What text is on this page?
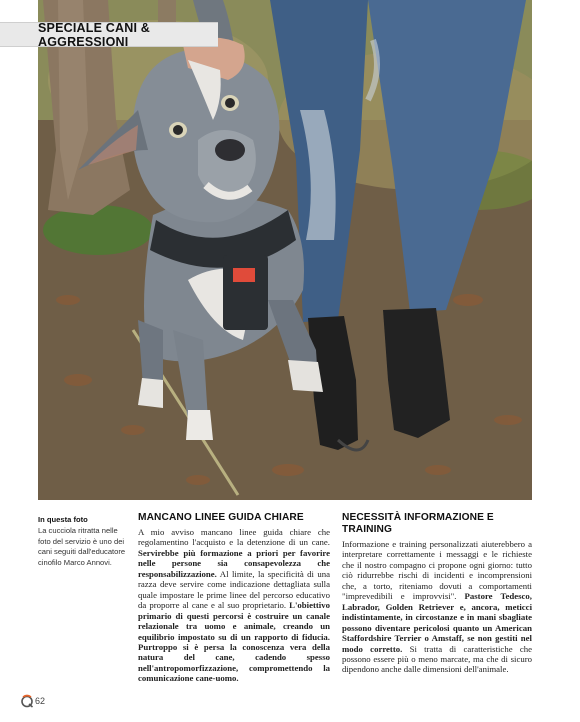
SPECIALE CANI & AGGRESSIONI
In questa foto
La cucciola ritratta nelle foto del servizio è uno dei cani seguiti dall'educatore cinofilo Marco Annovi.
MANCANO LINEE GUIDA CHIARE

A mio avviso mancano linee guida chiare che regolamentino l'acquisto e la detenzione di un cane. Servirebbe più formazione a priori per favorire nelle persone sia consapevolezza che responsabilizzazione. Al limite, la specificità di una razza deve servire come indicazione dettagliata sulla quale impostare le prime linee del percorso educativo da proporre al cane e al suo proprietario. L'obiettivo primario di questi percorsi è costruire un canale relazionale tra uomo e animale, creando un equilibrio impostato su di un rapporto di fiducia. Purtroppo si è persa la conoscenza vera della natura del cane, cadendo spesso nell'antropomorfizzazione, compromettendo la comunicazione cane-uomo.

NECESSITÀ INFORMAZIONE E TRAINING

Informazione e training personalizzati aiuterebbero a interpretare correttamente i messaggi e le richieste che il nostro compagno ci propone ogni giorno: tutto ciò ridurrebbe rischi di incidenti e incomprensioni che, a torto, riteniamo dovuti a comportamenti "imprevedibili e improvvisi". Pastore Tedesco, Labrador, Golden Retriever e, ancora, meticci indistintamente, in circostanze e in mani sbagliate possono diventare pericolosi quanto un American Staffordshire Terrier o Amstaff, se non gestiti nel modo corretto. Si tratta di caratteristiche che possono essere più o meno marcate, ma che di sicuro dipendono anche dalle dimensioni dell'animale.

62
